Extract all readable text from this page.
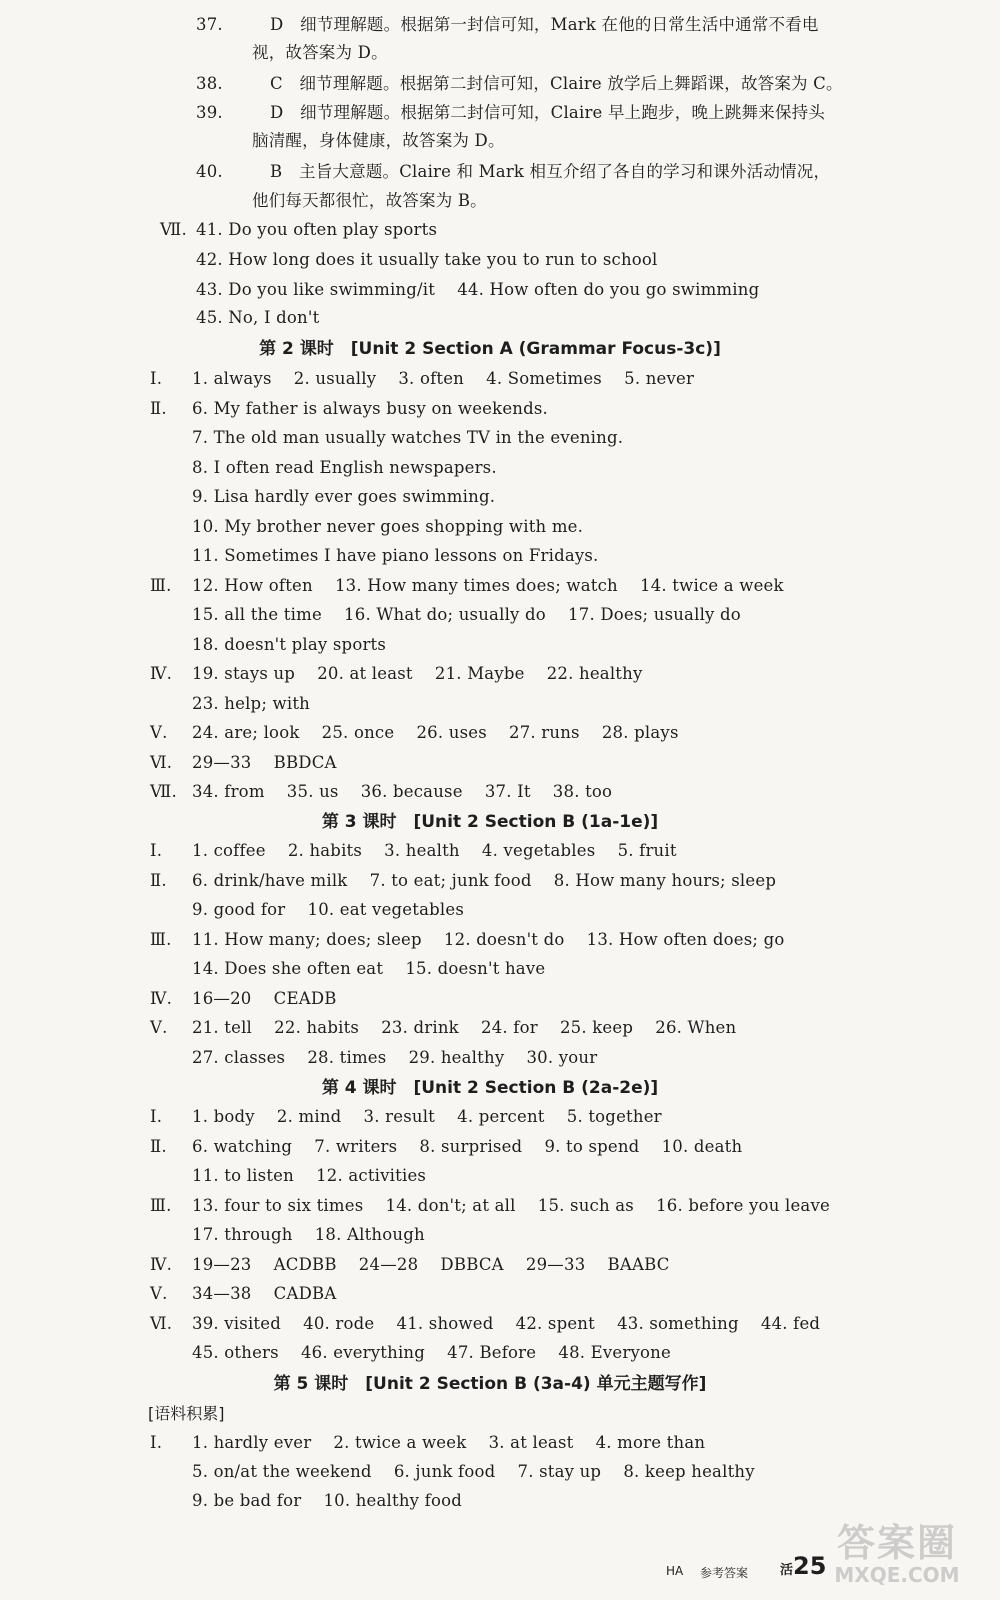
37.	D　细节理解题。根据第一封信可知，Mark 在他的日常生活中通常不看电
视，故答案为 D。
38.	C　细节理解题。根据第二封信可知，Claire 放学后上舞蹈课，故答案为 C。
39.	D　细节理解题。根据第二封信可知，Claire 早上跑步，晚上跳舞来保持头
脑清醒，身体健康，故答案为 D。
40.	B　主旨大意题。Claire 和 Mark 相互介绍了各自的学习和课外活动情况，
他们每天都很忙，故答案为 B。
Ⅶ. 41. Do you often play sports
42. How long does it usually take you to run to school
43. Do you like swimming/it  44. How often do you go swimming
45. No, I don't
第 2 课时　[Unit 2 Section A (Grammar Focus-3c)]
Ⅰ.	1. always  2. usually  3. often  4. Sometimes  5. never
Ⅱ.	6. My father is always busy on weekends.
7. The old man usually watches TV in the evening.
8. I often read English newspapers.
9. Lisa hardly ever goes swimming.
10. My brother never goes shopping with me.
11. Sometimes I have piano lessons on Fridays.
Ⅲ.	12. How often  13. How many times does; watch  14. twice a week
15. all the time  16. What do; usually do  17. Does; usually do
18. doesn't play sports
Ⅳ.	19. stays up  20. at least  21. Maybe  22. healthy
23. help; with
Ⅴ.	24. are; look  25. once  26. uses  27. runs  28. plays
Ⅵ.	29—33  BBDCA
Ⅶ. 34. from  35. us  36. because  37. It  38. too
第 3 课时　[Unit 2 Section B (1a-1e)]
Ⅰ.	1. coffee  2. habits  3. health  4. vegetables  5. fruit
Ⅱ.	6. drink/have milk  7. to eat; junk food  8. How many hours; sleep
9. good for  10. eat vegetables
Ⅲ.	11. How many; does; sleep  12. doesn't do  13. How often does; go
14. Does she often eat  15. doesn't have
Ⅳ.	16—20  CEADB
Ⅴ.	21. tell  22. habits  23. drink  24. for  25. keep  26. When
27. classes  28. times  29. healthy  30. your
第 4 课时　[Unit 2 Section B (2a-2e)]
Ⅰ.	1. body  2. mind  3. result  4. percent  5. together
Ⅱ.	6. watching  7. writers  8. surprised  9. to spend  10. death
11. to listen  12. activities
Ⅲ.	13. four to six times  14. don't; at all  15. such as  16. before you leave
17. through  18. Although
Ⅳ.	19—23  ACDBB  24—28  DBBCA  29—33  BAABC
Ⅴ.	34—38  CADBA
Ⅵ.	39. visited  40. rode  41. showed  42. spent  43. something  44. fed
45. others  46. everything  47. Before  48. Everyone
第 5 课时　[Unit 2 Section B (3a-4) 单元主题写作]
[语料积累]
Ⅰ.	1. hardly ever  2. twice a week  3. at least  4. more than
5. on/at the weekend  6. junk food  7. stay up  8. keep healthy
9. be bad for  10. healthy food
HA 参考答案 活25
答案圈
MXQE.COM
